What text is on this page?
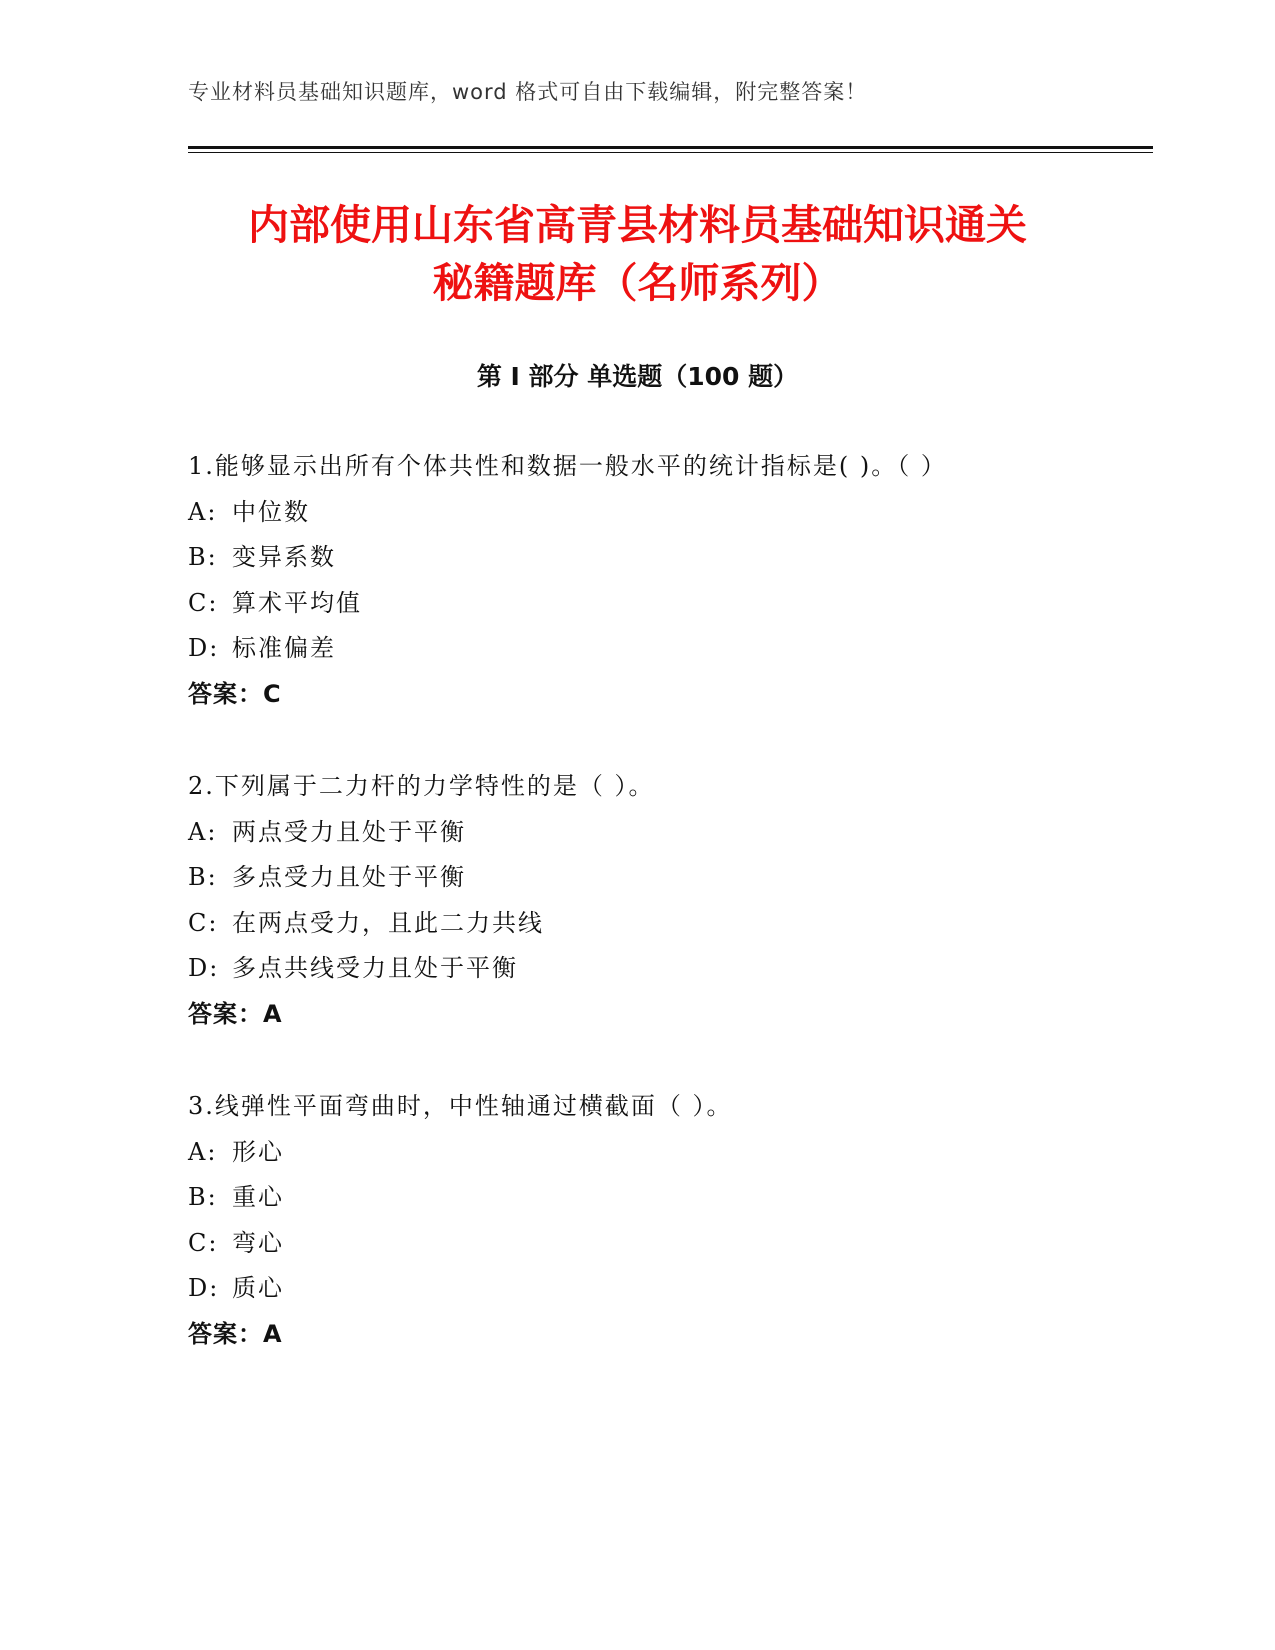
专业材料员基础知识题库，word 格式可自由下载编辑，附完整答案！
内部使用山东省高青县材料员基础知识通关
秘籍题库（名师系列）
第 I 部分 单选题（100 题）
1.能够显示出所有个体共性和数据一般水平的统计指标是( )。（ ）
A: 中位数
B: 变异系数
C: 算术平均值
D: 标准偏差
答案：C
2.下列属于二力杆的力学特性的是（ ）。
A: 两点受力且处于平衡
B: 多点受力且处于平衡
C: 在两点受力，且此二力共线
D: 多点共线受力且处于平衡
答案：A
3.线弹性平面弯曲时，中性轴通过横截面（ ）。
A: 形心
B: 重心
C: 弯心
D: 质心
答案：A
